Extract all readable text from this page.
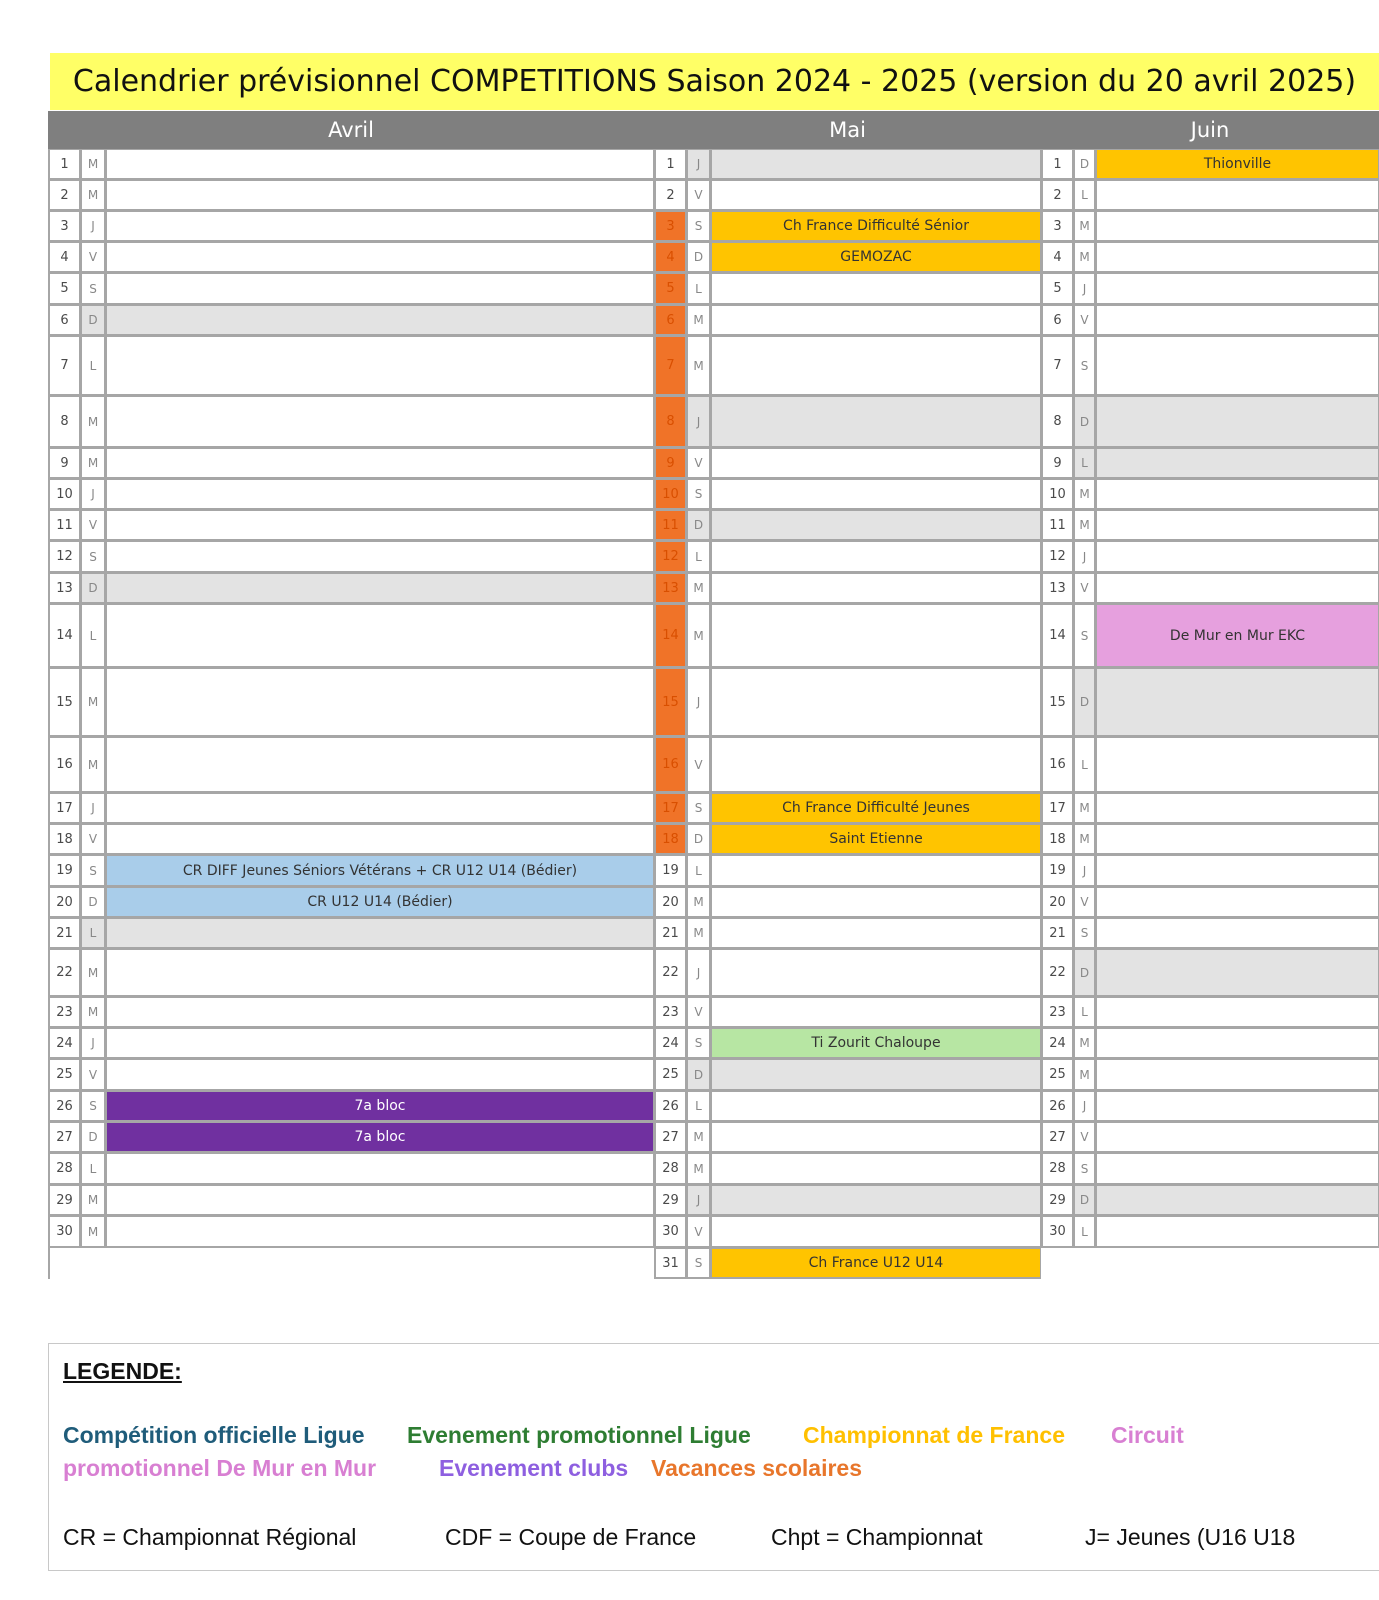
Calendrier prévisionnel COMPETITIONS Saison 2024 - 2025 (version du 20 avril 2025)
Avril	Mai	Juin
1	M
2	M
3	J
4	V
5	S
6	D
7	L
8	M
9	M
10	J
11	V
12	S
13	D
14	L
15	M
16	M
17	J
18	V
19	S	CR DIFF Jeunes Séniors Vétérans + CR U12 U14 (Bédier)
20	D	CR U12 U14 (Bédier)
21	L
22	M
23	M
24	J
25	V
26	S	7a bloc
27	D	7a bloc
28	L
29	M
30	M
1	J
2	V
3	S	Ch France Difficulté Sénior
4	D	GEMOZAC
5	L
6	M
7	M
8	J
9	V
10	S
11	D
12	L
13	M
14	M
15	J
16	V
17	S	Ch France Difficulté Jeunes
18	D	Saint Etienne
19	L
20	M
21	M
22	J
23	V
24	S	Ti Zourit Chaloupe
25	D
26	L
27	M
28	M
29	J
30	V
31	S	Ch France U12 U14
1	D	Thionville
2	L
3	M
4	M
5	J
6	V
7	S
8	D
9	L
10	M
11	M
12	J
13	V
14	S	De Mur en Mur EKC
15	D
16	L
17	M
18	M
19	J
20	V
21	S
22	D
23	L
24	M
25	M
26	J
27	V
28	S
29	D
30	L
LEGENDE:
Compétition officielle Ligue Evenement promotionnel Ligue Championnat de France Circuit
promotionnel De Mur en Mur	Evenement clubs Vacances scolaires
CR = Championnat Régional	CDF = Coupe de France	Chpt = Championnat	J= Jeunes (U16 U18
